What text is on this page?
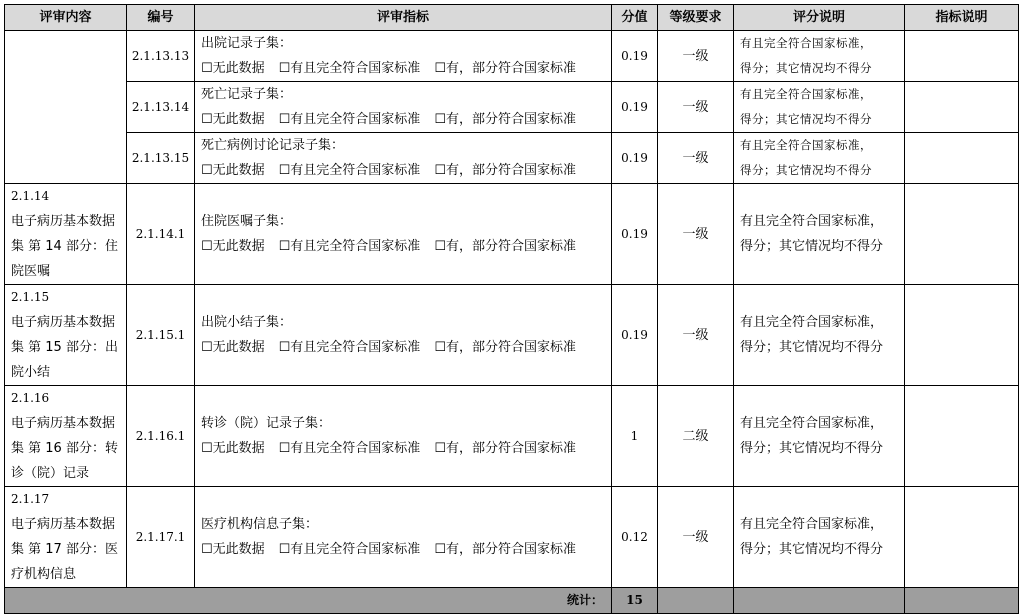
评审内容	编号	评审指标	分值	等级要求	评分说明	指标说明
	2.1.13.13	出院记录子集：
☐无此数据 ☐有且完全符合国家标准 ☐有，部分符合国家标准	0.19	一级	有且完全符合国家标准，
得分；其它情况均不得分	

	2.1.13.14	死亡记录子集：
☐无此数据 ☐有且完全符合国家标准 ☐有，部分符合国家标准	0.19	一级	有且完全符合国家标准，
得分；其它情况均不得分	

	2.1.13.15	死亡病例讨论记录子集：
☐无此数据 ☐有且完全符合国家标准 ☐有，部分符合国家标准	0.19	一级	有且完全符合国家标准，
得分；其它情况均不得分	

2.1.14
电子病历基本数据集 第 14 部分：住院医嘱	2.1.14.1	住院医嘱子集：
☐无此数据 ☐有且完全符合国家标准 ☐有，部分符合国家标准	0.19	一级	有且完全符合国家标准，
得分；其它情况均不得分	

2.1.15
电子病历基本数据集 第 15 部分：出院小结	2.1.15.1	出院小结子集：
☐无此数据 ☐有且完全符合国家标准 ☐有，部分符合国家标准	0.19	一级	有且完全符合国家标准，
得分；其它情况均不得分	

2.1.16
电子病历基本数据集 第 16 部分：转诊（院）记录	2.1.16.1	转诊（院）记录子集：
☐无此数据 ☐有且完全符合国家标准 ☐有，部分符合国家标准	1	二级	有且完全符合国家标准，
得分；其它情况均不得分	

2.1.17
电子病历基本数据集 第 17 部分：医疗机构信息	2.1.17.1	医疗机构信息子集：
☐无此数据 ☐有且完全符合国家标准 ☐有，部分符合国家标准	0.12	一级	有且完全符合国家标准，
得分；其它情况均不得分	

统计：			15			
